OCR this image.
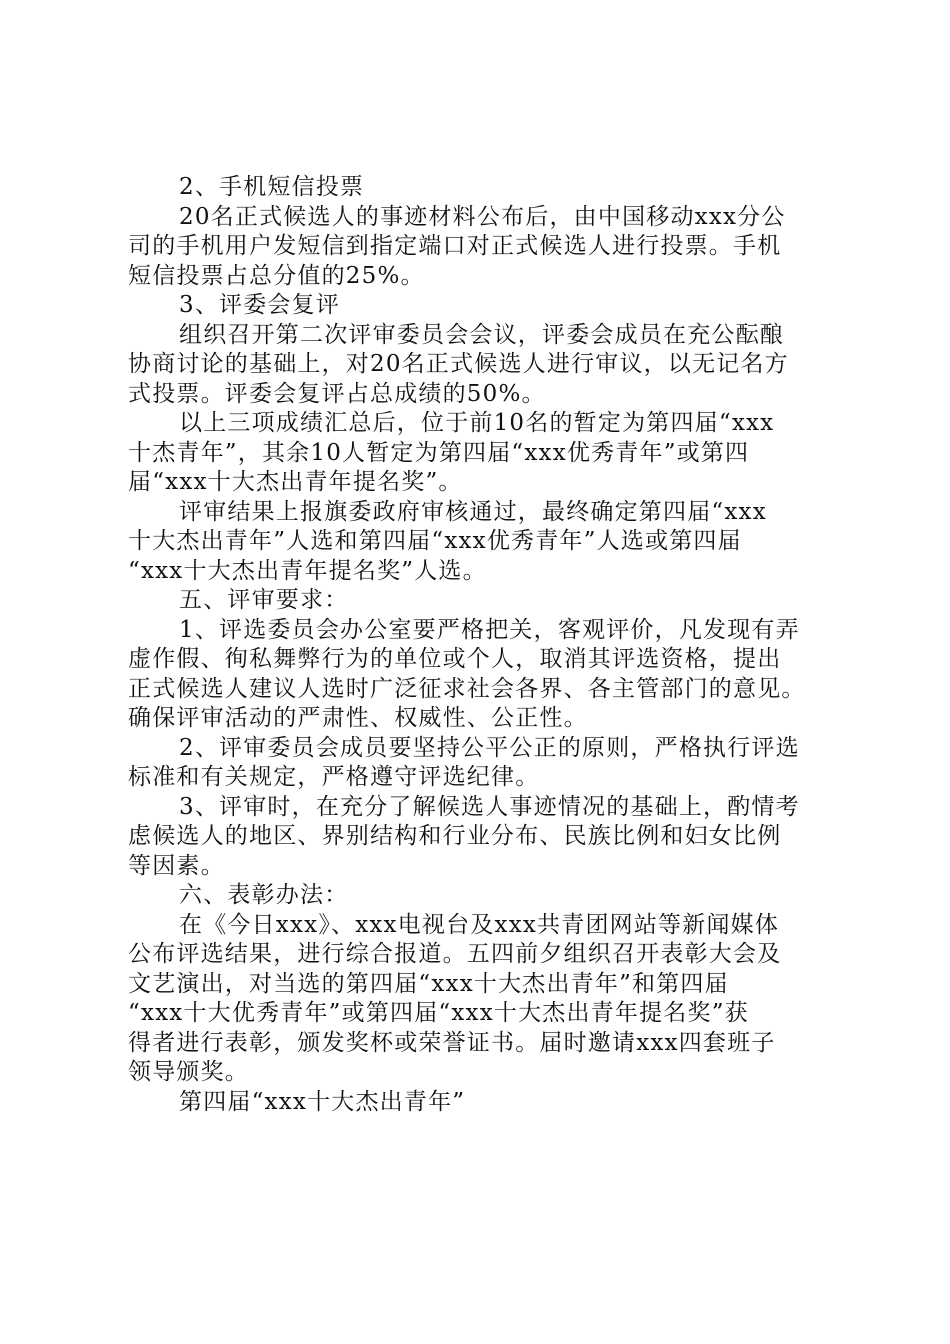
2、手机短信投票
20名正式候选人的事迹材料公布后，由中国移动xxx分公
司的手机用户发短信到指定端口对正式候选人进行投票。手机
短信投票占总分值的25%。
3、评委会复评
组织召开第二次评审委员会会议，评委会成员在充公酝酿
协商讨论的基础上，对20名正式候选人进行审议，以无记名方
式投票。评委会复评占总成绩的50%。
以上三项成绩汇总后，位于前10名的暂定为第四届“xxx
十杰青年”，其余10人暂定为第四届“xxx优秀青年”或第四
届“xxx十大杰出青年提名奖”。
评审结果上报旗委政府审核通过，最终确定第四届“xxx
十大杰出青年”人选和第四届“xxx优秀青年”人选或第四届
“xxx十大杰出青年提名奖”人选。
五、评审要求：
1、评选委员会办公室要严格把关，客观评价，凡发现有弄
虚作假、徇私舞弊行为的单位或个人，取消其评选资格，提出
正式候选人建议人选时广泛征求社会各界、各主管部门的意见。
确保评审活动的严肃性、权威性、公正性。
2、评审委员会成员要坚持公平公正的原则，严格执行评选
标准和有关规定，严格遵守评选纪律。
3、评审时，在充分了解候选人事迹情况的基础上，酌情考
虑候选人的地区、界别结构和行业分布、民族比例和妇女比例
等因素。
六、表彰办法：
在《今日xxx》、xxx电视台及xxx共青团网站等新闻媒体
公布评选结果，进行综合报道。五四前夕组织召开表彰大会及
文艺演出，对当选的第四届“xxx十大杰出青年”和第四届
“xxx十大优秀青年”或第四届“xxx十大杰出青年提名奖”获
得者进行表彰，颁发奖杯或荣誉证书。届时邀请xxx四套班子
领导颁奖。
第四届“xxx十大杰出青年”
